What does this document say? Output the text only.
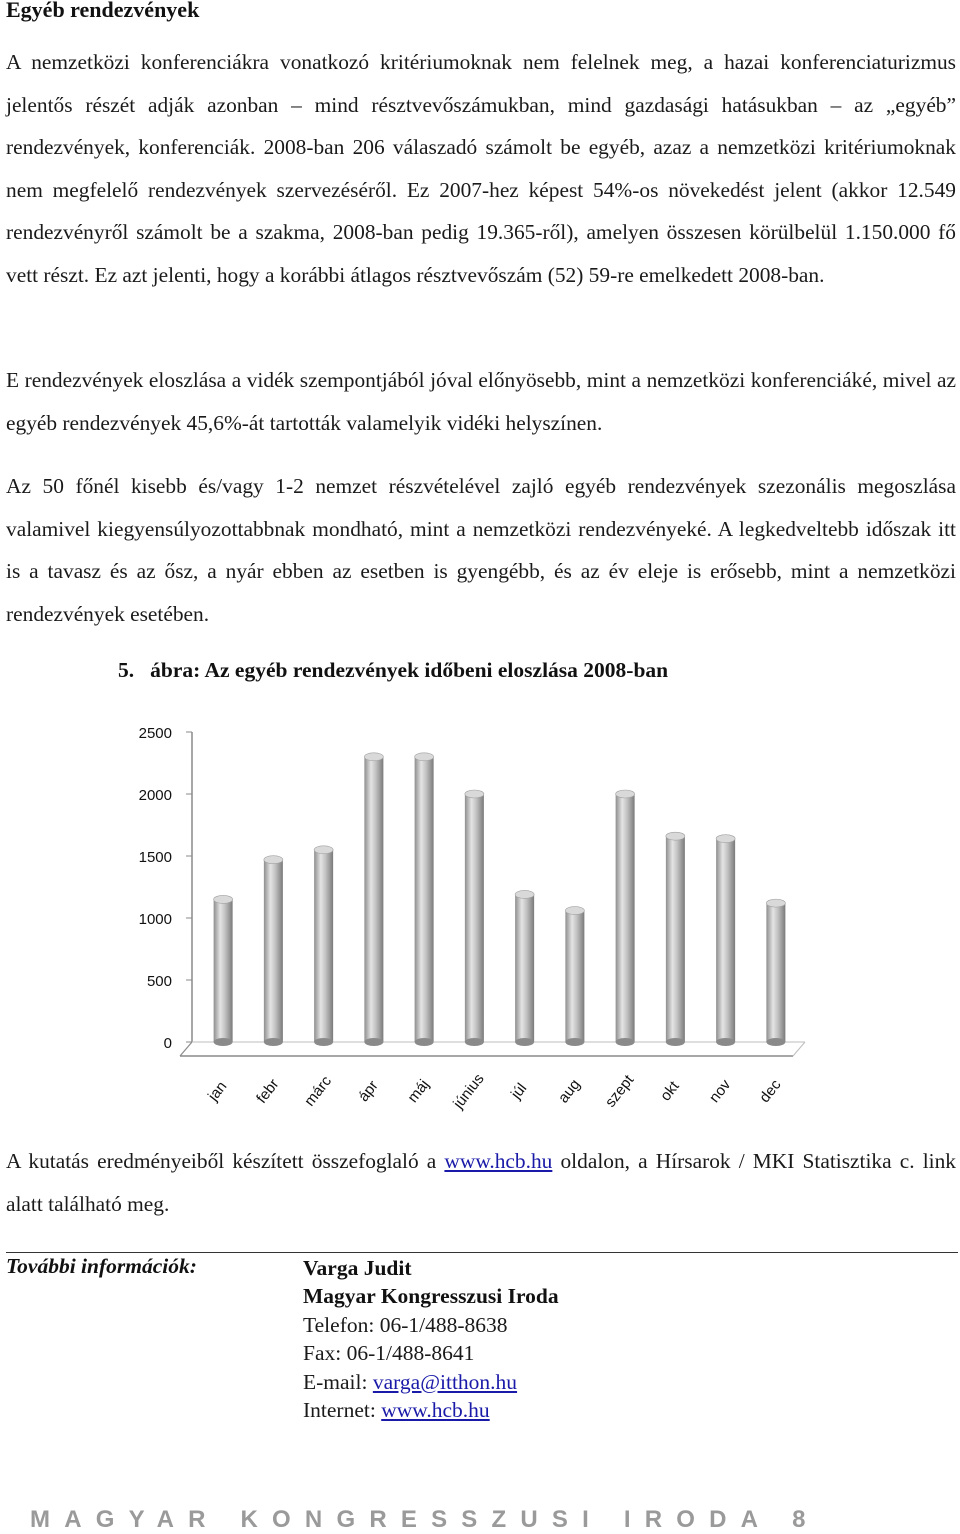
Egyéb rendezvények

A nemzetközi konferenciákra vonatkozó kritériumoknak nem felelnek meg, a hazai konferenciaturizmus jelentős részét adják azonban – mind résztvevőszámukban, mind gazdasági hatásukban – az „egyéb” rendezvények, konferenciák. 2008-ban 206 válaszadó számolt be egyéb, azaz a nemzetközi kritériumoknak nem megfelelő rendezvények szervezéséről. Ez 2007-hez képest 54%-os növekedést jelent (akkor 12.549 rendezvényről számolt be a szakma, 2008-ban pedig 19.365-ről), amelyen összesen körülbelül 1.150.000 fő vett részt. Ez azt jelenti, hogy a korábbi átlagos résztvevőszám (52) 59-re emelkedett 2008-ban.

E rendezvények eloszlása a vidék szempontjából jóval előnyösebb, mint a nemzetközi konferenciáké, mivel az egyéb rendezvények 45,6%-át tartották valamelyik vidéki helyszínen.

Az 50 főnél kisebb és/vagy 1-2 nemzet részvételével zajló egyéb rendezvények szezonális megoszlása valamivel kiegyensúlyozottabbnak mondható, mint a nemzetközi rendezvényeké. A legkedveltebb időszak itt is a tavasz és az ősz, a nyár ebben az esetben is gyengébb, és az év eleje is erősebb, mint a nemzetközi rendezvények esetében.

5. ábra: Az egyéb rendezvények időbeni eloszlása 2008-ban

0
500
1000
1500
2000
2500
jan febr márc ápr máj június júl aug szept okt nov dec

A kutatás eredményeiből készített összefoglaló a www.hcb.hu oldalon, a Hírsarok / MKI Statisztika c. link alatt található meg.

További információk:	Varga Judit
Magyar Kongresszusi Iroda
Telefon: 06-1/488-8638
Fax: 06-1/488-8641
E-mail: varga@itthon.hu
Internet: www.hcb.hu
MAGYAR KONGRESSZUSI IRODA 8
